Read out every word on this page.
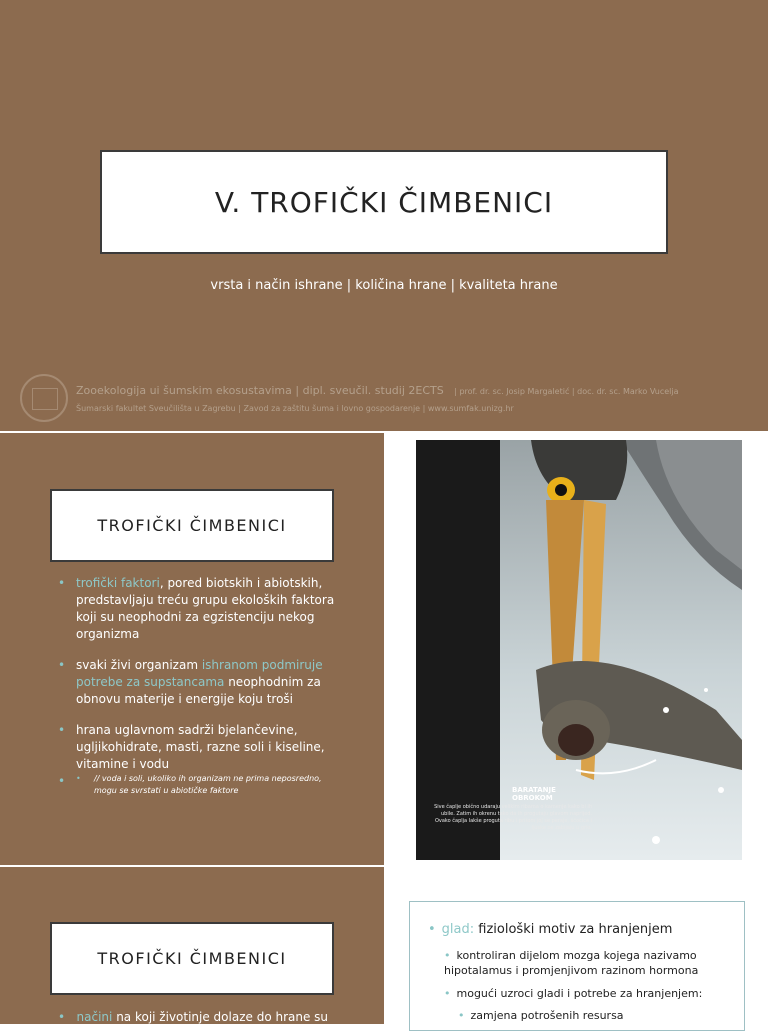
V. TROFIČKI ČIMBENICI
vrsta i način ishrane | količina hrane | kvaliteta hrane
Zooekologija ui šumskim ekosustavima | dipl. sveučil. studij 2ECTS | prof. dr. sc. Josip Margaletić | doc. dr. sc. Marko Vucelja
Šumarski fakultet Sveučilišta u Zagrebu | Zavod za zaštitu šuma i lovno gospodarenje | www.sumfak.unizg.hr
TROFIČKI ČIMBENICI
• trofički faktori, pored biotskih i abiotskih, predstavljaju treću grupu ekoloških faktora koji su neophodni za egzistenciju nekog organizma
• svaki živi organizam ishranom podmiruje potrebe za supstancama neophodnim za obnovu materije i energije koju troši
• hrana uglavnom sadrži bjelančevine, ugljikohidrate, masti, razne soli i kiseline, vitamine i vodu
• • // voda i soli, ukoliko ih organizam ne prima neposredno, mogu se svrstati u abiotičke faktore	BARATANJE OBROKOM
Sive čaplje obično udaraju velikim ribama o kamenje kako bi ih ubile. Zatim ih okrenu tako da ih progutaju glavom naprijed. Ovako čaplja lakše proguta ribu i pritom joj se peraje, ščočice i ljuske ne zabijaju u grlo.
TROFIČKI ČIMBENICI
• načini na koji životinje dolaze do hrane su
• glad: fiziološki motiv za hranjenjem
• kontroliran dijelom mozga kojega nazivamo hipotalamus i promjenjivom razinom hormona
• mogući uzroci gladi i potrebe za hranjenjem:
• zamjena potrošenih resursa
